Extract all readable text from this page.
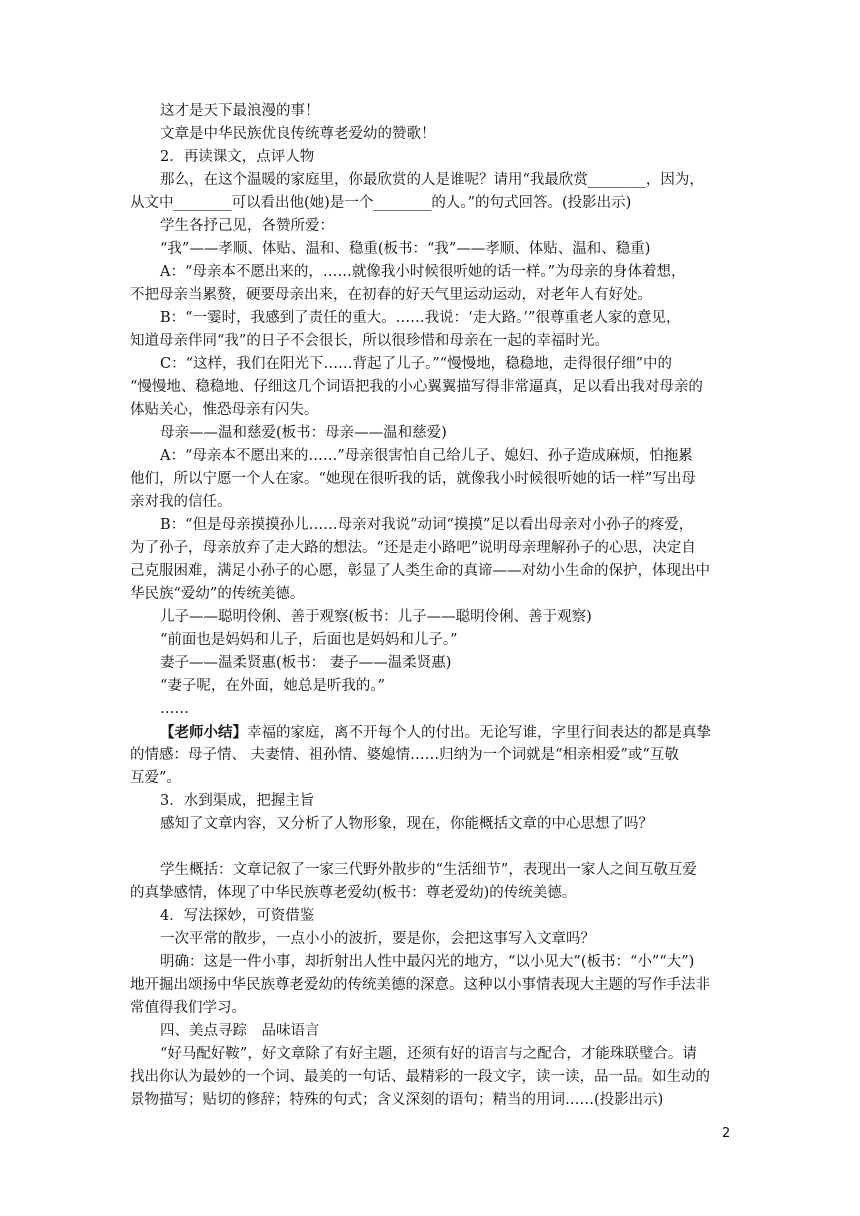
这才是天下最浪漫的事！
文章是中华民族优良传统尊老爱幼的赞歌！
2．再读课文，点评人物
那么，在这个温暖的家庭里，你最欣赏的人是谁呢？请用“我最欣赏________，因为，
从文中________可以看出他(她)是一个________的人。”的句式回答。(投影出示)
学生各抒己见，各赞所爱：
“我”——孝顺、体贴、温和、稳重(板书：“我”——孝顺、体贴、温和、稳重)
A：“母亲本不愿出来的，……就像我小时候很听她的话一样。”为母亲的身体着想，
不把母亲当累赘，硬要母亲出来，在初春的好天气里运动运动，对老年人有好处。
B：“一霎时，我感到了责任的重大。……我说：‘走大路。’”很尊重老人家的意见，
知道母亲伴同“我”的日子不会很长，所以很珍惜和母亲在一起的幸福时光。
C：“这样，我们在阳光下……背起了儿子。”“慢慢地，稳稳地，走得很仔细”中的
“慢慢地、稳稳地、仔细这几个词语把我的小心翼翼描写得非常逼真，足以看出我对母亲的
体贴关心，惟恐母亲有闪失。
母亲——温和慈爱(板书：母亲——温和慈爱)
A：“母亲本不愿出来的……”母亲很害怕自己给儿子、媳妇、孙子造成麻烦，怕拖累
他们，所以宁愿一个人在家。“她现在很听我的话，就像我小时候很听她的话一样”写出母
亲对我的信任。
B：“但是母亲摸摸孙儿……母亲对我说”动词“摸摸”足以看出母亲对小孙子的疼爱，
为了孙子，母亲放弃了走大路的想法。“还是走小路吧”说明母亲理解孙子的心思，决定自
己克服困难，满足小孙子的心愿，彰显了人类生命的真谛——对幼小生命的保护，体现出中
华民族“爱幼”的传统美德。
儿子——聪明伶俐、善于观察(板书：儿子——聪明伶俐、善于观察)
“前面也是妈妈和儿子，后面也是妈妈和儿子。”
妻子——温柔贤惠(板书： 妻子——温柔贤惠)
“妻子呢，在外面，她总是听我的。”
……
【老师小结】幸福的家庭，离不开每个人的付出。无论写谁，字里行间表达的都是真挚
的情感：母子情、 夫妻情、祖孙情、婆媳情……归纳为一个词就是“相亲相爱”或“互敬
互爱”。
3．水到渠成，把握主旨
感知了文章内容，又分析了人物形象，现在，你能概括文章的中心思想了吗？
学生概括：文章记叙了一家三代野外散步的“生活细节”，表现出一家人之间互敬互爱
的真挚感情，体现了中华民族尊老爱幼(板书：尊老爱幼)的传统美德。
4．写法探妙，可资借鉴
一次平常的散步，一点小小的波折，要是你，会把这事写入文章吗？
明确：这是一件小事，却折射出人性中最闪光的地方，“以小见大”(板书：“小”“大”)
地开掘出颂扬中华民族尊老爱幼的传统美德的深意。这种以小事情表现大主题的写作手法非
常值得我们学习。
四、美点寻踪　品味语言
“好马配好鞍”，好文章除了有好主题，还须有好的语言与之配合，才能珠联璧合。请
找出你认为最妙的一个词、最美的一句话、最精彩的一段文字，读一读，品一品。如生动的
景物描写；贴切的修辞；特殊的句式；含义深刻的语句；精当的用词……(投影出示)
2
